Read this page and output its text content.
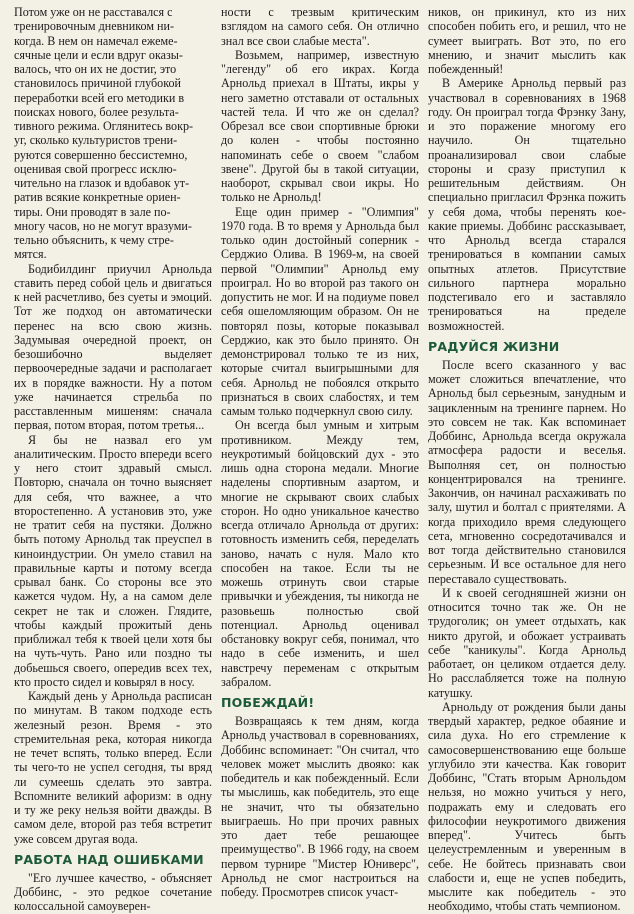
Потом уже он не расставался с
тренировочным дневником ни-
когда. В нем он намечал ежеме-
сячные цели и если вдруг оказы-
валось, что он их не достиг, это
становилось причиной глубокой
переработки всей его методики в
поисках нового, более результа-
тивного режима. Оглянитесь вокр-
уг, сколько культуристов трени-
руются совершенно бессистемно,
оценивая свой прогресс исклю-
чительно на глазок и вдобавок ут-
ратив всякие конкретные ориен-
тиры. Они проводят в зале по-
многу часов, но не могут вразуми-
тельно объяснить, к чему стре-
мятся.

Бодибилдинг приучил Арнольда ставить перед собой цель и двигаться к ней расчетливо, без суеты и эмоций. Тот же подход он автоматически перенес на всю свою жизнь. Задумывая очередной проект, он безошибочно выделяет первоочередные задачи и располагает их в порядке важности. Ну а потом уже начинается стрельба по расставленным мишеням: сначала первая, потом вторая, потом третья...

Я бы не назвал его ум аналитическим. Просто впереди всего у него стоит здравый смысл. Повторю, сначала он точно выясняет для себя, что важнее, а что второстепенно. А установив это, уже не тратит себя на пустяки. Должно быть потому Арнольд так преуспел в киноиндустрии. Он умело ставил на правильные карты и потому всегда срывал банк. Со стороны все это кажется чудом. Ну, а на самом деле секрет не так и сложен. Глядите, чтобы каждый прожитый день приближал тебя к твоей цели хотя бы на чуть-чуть. Рано или поздно ты добьешься своего, опередив всех тех, кто просто сидел и ковырял в носу.

Каждый день у Арнольда расписан по минутам. В таком подходе есть железный резон. Время - это стремительная река, которая никогда не течет вспять, только вперед. Если ты чего-то не успел сегодня, ты вряд ли сумеешь сделать это завтра. Вспомните великий афоризм: в одну и ту же реку нельзя войти дважды. В самом деле, второй раз тебя встретит уже совсем другая вода.

РАБОТА НАД ОШИБКАМИ

"Его лучшее качество, - объясняет Доббинс, - это редкое сочетание колоссальной самоуверен-

ности с трезвым критическим взглядом на самого себя. Он отлично знал все свои слабые места".

Возьмем, например, известную "легенду" об его икрах. Когда Арнольд приехал в Штаты, икры у него заметно отставали от остальных частей тела. И что же он сделал? Обрезал все свои спортивные брюки до колен - чтобы постоянно напоминать себе о своем "слабом звене". Другой бы в такой ситуации, наоборот, скрывал свои икры. Но только не Арнольд!

Еще один пример - "Олимпия" 1970 года. В то время у Арнольда был только один достойный соперник - Серджио Олива. В 1969-м, на своей первой "Олимпии" Арнольд ему проиграл. Но во второй раз такого он допустить не мог. И на подиуме повел себя ошеломляющим образом. Он не повторял позы, которые показывал Серджио, как это было принято. Он демонстрировал только те из них, которые считал выигрышными для себя. Арнольд не побоялся открыто признаться в своих слабостях, и тем самым только подчеркнул свою силу.

Он всегда был умным и хитрым противником. Между тем, неукротимый бойцовский дух - это лишь одна сторона медали. Многие наделены спортивным азартом, и многие не скрывают своих слабых сторон. Но одно уникальное качество всегда отличало Арнольда от других: готовность изменить себя, переделать заново, начать с нуля. Мало кто способен на такое. Если ты не можешь отринуть свои старые привычки и убеждения, ты никогда не разовьешь полностью свой потенциал. Арнольд оценивал обстановку вокруг себя, понимал, что надо в себе изменить, и шел навстречу переменам с открытым забралом.

ПОБЕЖДАЙ!

Возвращаясь к тем дням, когда Арнольд участвовал в соревнованиях, Доббинс вспоминает: "Он считал, что человек может мыслить двояко: как победитель и как побежденный. Если ты мыслишь, как победитель, это еще не значит, что ты обязательно выиграешь. Но при прочих равных это дает тебе решающее преимущество". В 1966 году, на своем первом турнире "Мистер Юниверс", Арнольд не смог настроиться на победу. Просмотрев список участ-

ников, он прикинул, кто из них способен побить его, и решил, что не сумеет выиграть. Вот это, по его мнению, и значит мыслить как побежденный!

В Америке Арнольд первый раз участвовал в соревнованиях в 1968 году. Он проиграл тогда Фрэнку Зану, и это поражение многому его научило. Он тщательно проанализировал свои слабые стороны и сразу приступил к решительным действиям. Он специально пригласил Фрэнка пожить у себя дома, чтобы перенять кое-какие приемы. Доббинс рассказывает, что Арнольд всегда старался тренироваться в компании самых опытных атлетов. Присутствие сильного партнера морально подстегивало его и заставляло тренироваться на пределе возможностей.

РАДУЙСЯ ЖИЗНИ

После всего сказанного у вас может сложиться впечатление, что Арнольд был серьезным, занудным и зацикленным на тренинге парнем. Но это совсем не так. Как вспоминает Доббинс, Арнольда всегда окружала атмосфера радости и веселья. Выполняя сет, он полностью концентрировался на тренинге. Закончив, он начинал расхаживать по залу, шутил и болтал с приятелями. А когда приходило время следующего сета, мгновенно сосредотачивался и вот тогда действительно становился серьезным. И все остальное для него переставало существовать.

И к своей сегодняшней жизни он относится точно так же. Он не трудоголик; он умеет отдыхать, как никто другой, и обожает устраивать себе "каникулы". Когда Арнольд работает, он целиком отдается делу. Но расслабляется тоже на полную катушку.

Арнольду от рождения были даны твердый характер, редкое обаяние и сила духа. Но его стремление к самосовершенствованию еще больше углубило эти качества. Как говорит Доббинс, "Стать вторым Арнольдом нельзя, но можно учиться у него, подражать ему и следовать его философии неукротимого движения вперед". Учитесь быть целеустремленным и уверенным в себе. Не бойтесь признавать свои слабости и, еще не успев победить, мыслите как победитель - это необходимо, чтобы стать чемпионом.
